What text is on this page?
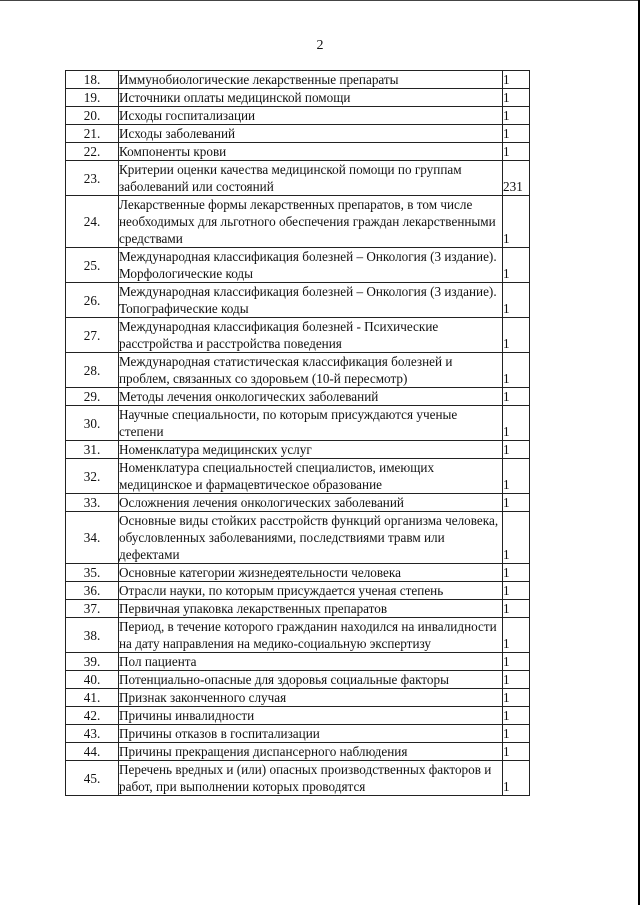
2
18.	Иммунобиологические лекарственные препараты	1
19.	Источники оплаты медицинской помощи	1
20.	Исходы госпитализации	1
21.	Исходы заболеваний	1
22.	Компоненты крови	1
23.	Критерии оценки качества медицинской помощи по группам заболеваний или состояний	231
24.	Лекарственные формы лекарственных препаратов, в том числе необходимых для льготного обеспечения граждан лекарственными средствами	1
25.	Международная классификация болезней – Онкология (3 издание). Морфологические коды	1
26.	Международная классификация болезней – Онкология (3 издание). Топографические коды	1
27.	Международная классификация болезней - Психические расстройства и расстройства поведения	1
28.	Международная статистическая классификация болезней и проблем, связанных со здоровьем (10-й пересмотр)	1
29.	Методы лечения онкологических заболеваний	1
30.	Научные специальности, по которым присуждаются ученые степени	1
31.	Номенклатура медицинских услуг	1
32.	Номенклатура специальностей специалистов, имеющих медицинское и фармацевтическое образование	1
33.	Осложнения лечения онкологических заболеваний	1
34.	Основные виды стойких расстройств функций организма человека, обусловленных заболеваниями, последствиями травм или дефектами	1
35.	Основные категории жизнедеятельности человека	1
36.	Отрасли науки, по которым присуждается ученая степень	1
37.	Первичная упаковка лекарственных препаратов	1
38.	Период, в течение которого гражданин находился на инвалидности на дату направления на медико-социальную экспертизу	1
39.	Пол пациента	1
40.	Потенциально-опасные для здоровья социальные факторы	1
41.	Признак законченного случая	1
42.	Причины инвалидности	1
43.	Причины отказов в госпитализации	1
44.	Причины прекращения диспансерного наблюдения	1
45.	Перечень вредных и (или) опасных производственных факторов и работ, при выполнении которых проводятся	1
